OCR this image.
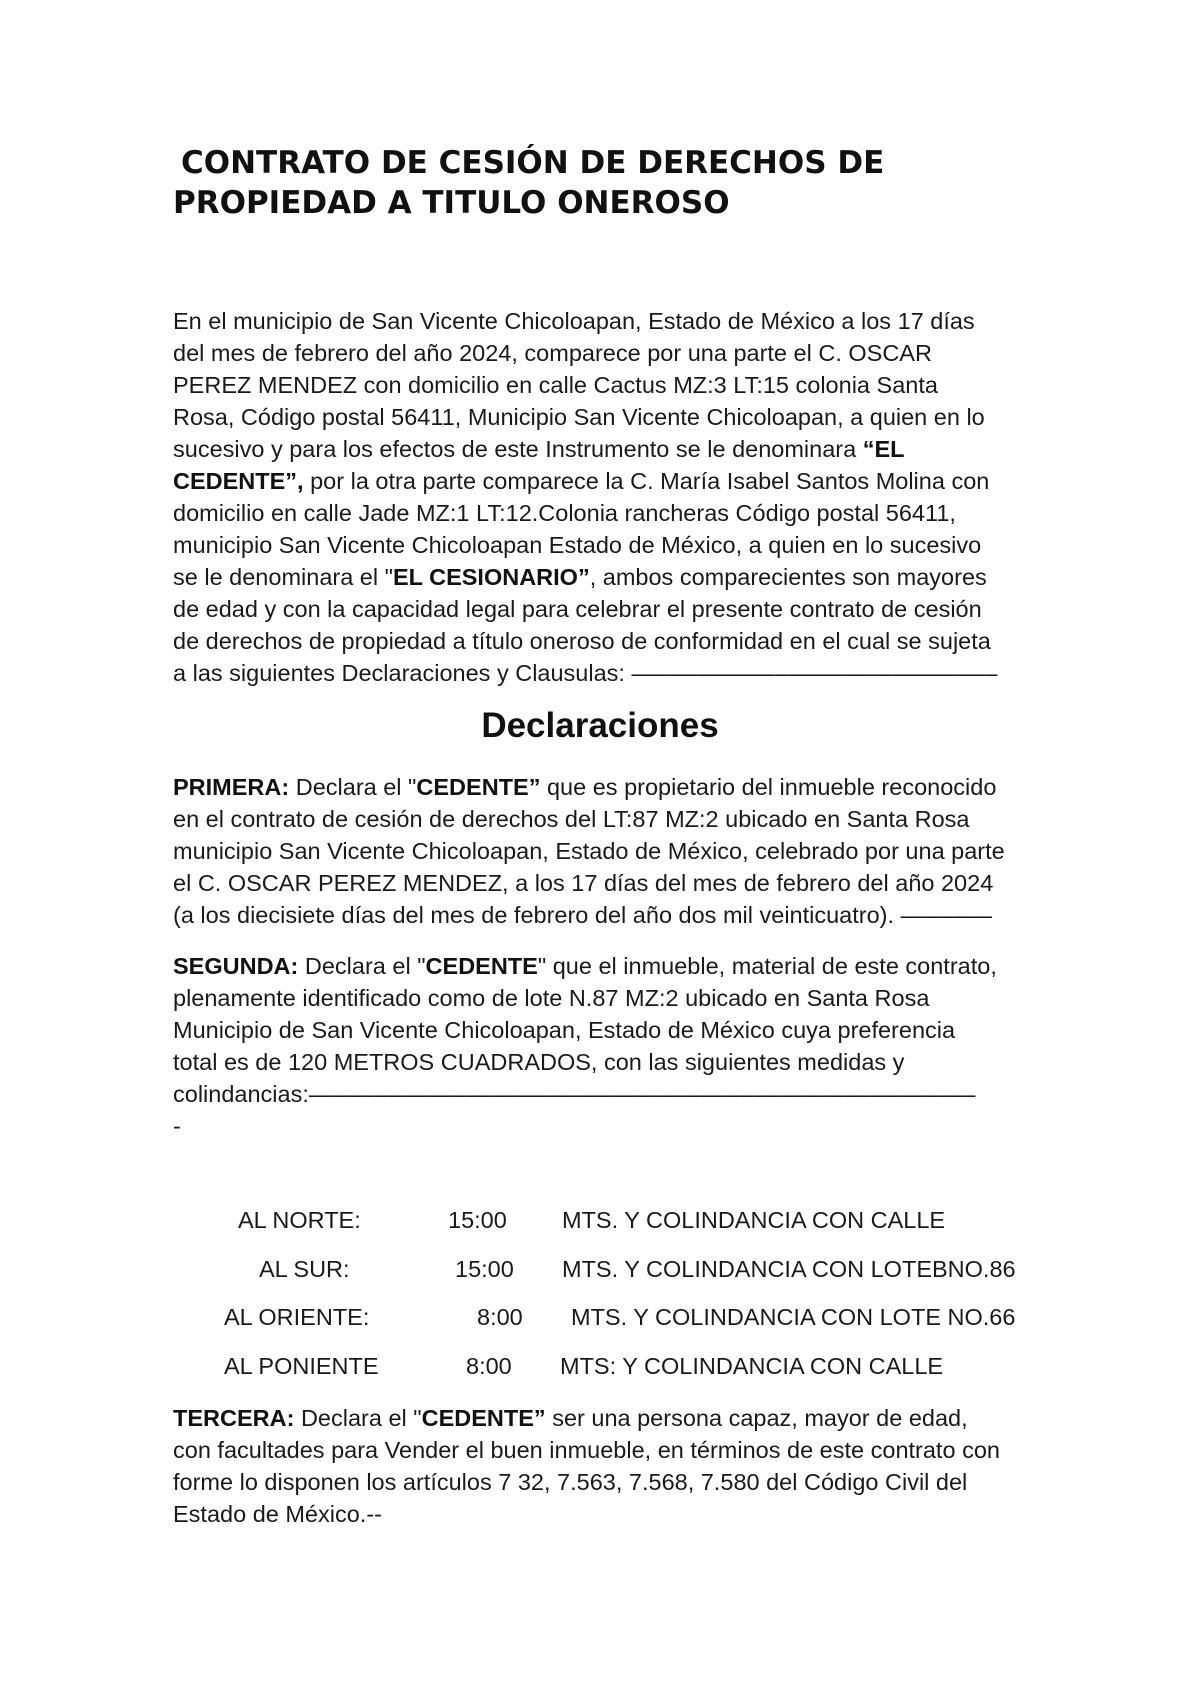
CONTRATO DE CESIÓN DE DERECHOS DE
PROPIEDAD A TITULO ONEROSO
En el municipio de San Vicente Chicoloapan, Estado de México a los 17 días
del mes de febrero del año 2024, comparece por una parte el C. OSCAR
PEREZ MENDEZ con domicilio en calle Cactus MZ:3 LT:15 colonia Santa
Rosa, Código postal 56411, Municipio San Vicente Chicoloapan, a quien en lo
sucesivo y para los efectos de este Instrumento se le denominara “EL
CEDENTE”, por la otra parte comparece la C. María Isabel Santos Molina con
domicilio en calle Jade MZ:1 LT:12.Colonia rancheras Código postal 56411,
municipio San Vicente Chicoloapan Estado de México, a quien en lo sucesivo
se le denominara el "EL CESIONARIO”, ambos comparecientes son mayores
de edad y con la capacidad legal para celebrar el presente contrato de cesión
de derechos de propiedad a título oneroso de conformidad en el cual se sujeta
a las siguientes Declaraciones y Clausulas: ––––––––––––––––––––––––––––
Declaraciones
PRIMERA: Declara el "CEDENTE” que es propietario del inmueble reconocido
en el contrato de cesión de derechos del LT:87 MZ:2 ubicado en Santa Rosa
municipio San Vicente Chicoloapan, Estado de México, celebrado por una parte
el C. OSCAR PEREZ MENDEZ, a los 17 días del mes de febrero del año 2024
(a los diecisiete días del mes de febrero del año dos mil veinticuatro). –––––––
SEGUNDA: Declara el "CEDENTE" que el inmueble, material de este contrato,
plenamente identificado como de lote N.87 MZ:2 ubicado en Santa Rosa
Municipio de San Vicente Chicoloapan, Estado de México cuya preferencia
total es de 120 METROS CUADRADOS, con las siguientes medidas y
colindancias:–––––––––––––––––––––––––––––––––––––––––––––––––––
-
AL NORTE:	15:00 MTS. Y COLINDANCIA CON CALLE
AL SUR:	15:00 MTS. Y COLINDANCIA CON LOTEBNO.86
AL ORIENTE:	8:00 MTS. Y COLINDANCIA CON LOTE NO.66
AL PONIENTE	8:00 MTS: Y COLINDANCIA CON CALLE
TERCERA: Declara el "CEDENTE” ser una persona capaz, mayor de edad,
con facultades para Vender el buen inmueble, en términos de este contrato con
forme lo disponen los artículos 7 32, 7.563, 7.568, 7.580 del Código Civil del
Estado de México.--
